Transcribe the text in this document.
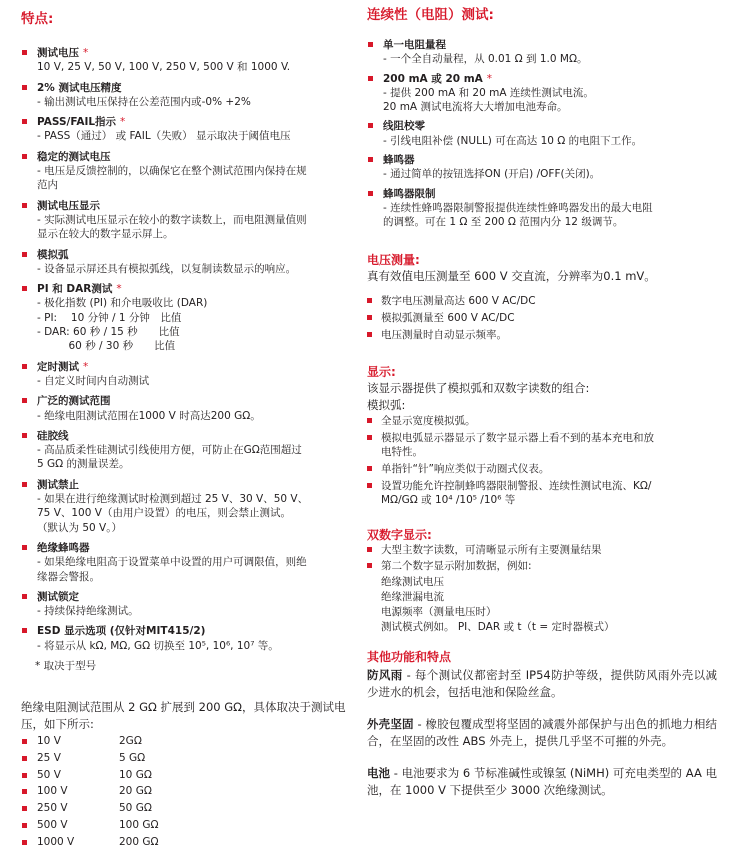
特点:
测试电压 *
10 V, 25 V, 50 V, 100 V, 250 V, 500 V 和 1000 V.
2% 测试电压精度
- 输出测试电压保持在公差范围内或-0% +2%
PASS/FAIL指示 *
- PASS（通过） 或 FAIL（失败） 显示取决于阈值电压
稳定的测试电压
- 电压是反馈控制的，以确保它在整个测试范围内保持在规
范内
测试电压显示
- 实际测试电压显示在较小的数字读数上，而电阻测量值则
显示在较大的数字显示屏上。
模拟弧
- 设备显示屏还具有模拟弧线，以复制读数显示的响应。
PI 和 DAR测试 *
- 极化指数 (PI) 和介电吸收比 (DAR)
- PI:　 10 分钟 / 1 分钟　比值
- DAR: 60 秒 / 15 秒　　比值
　　　60 秒 / 30 秒　　比值
定时测试 *
- 自定义时间内自动测试
广泛的测试范围
- 绝缘电阻测试范围在1000 V 时高达200 GΩ。
硅胶线
- 高品质柔性硅测试引线使用方便，可防止在GΩ范围超过
5 GΩ 的测量误差。
测试禁止
- 如果在进行绝缘测试时检测到超过 25 V、30 V、50 V、
75 V、100 V（由用户设置）的电压，则会禁止测试。
（默认为 50 V。）
绝缘蜂鸣器
- 如果绝缘电阻高于设置菜单中设置的用户可调限值，则绝
缘器会警报。
测试锁定
- 持续保持绝缘测试。
ESD 显示选项 (仅针对MIT415/2)
- 将显示从 kΩ, MΩ, GΩ 切换至 10⁵, 10⁶, 10⁷ 等。
* 取决于型号
绝缘电阻测试范围从 2 GΩ 扩展到 200 GΩ，具体取决于测试电压，如下所示:
10 V	2GΩ
25 V	5 GΩ
50 V	10 GΩ
100 V	20 GΩ
250 V	50 GΩ
500 V	100 GΩ
1000 V	200 GΩ
连续性（电阻）测试:
单一电阻量程
- 一个全自动量程，从 0.01 Ω 到 1.0 MΩ。
200 mA 或 20 mA *
- 提供 200 mA 和 20 mA 连续性测试电流。
20 mA 测试电流将大大增加电池寿命。
线阻校零
- 引线电阻补偿 (NULL) 可在高达 10 Ω 的电阻下工作。
蜂鸣器
- 通过简单的按钮选择ON (开启) /OFF(关闭)。
蜂鸣器限制
- 连续性蜂鸣器限制警报提供连续性蜂鸣器发出的最大电阻
的调整。可在 1 Ω 至 200 Ω 范围内分 12 级调节。
电压测量:
真有效值电压测量至 600 V 交直流，分辨率为0.1 mV。
数字电压测量高达 600 V AC/DC
模拟弧测量至 600 V AC/DC
电压测量时自动显示频率。
显示:
该显示器提供了模拟弧和双数字读数的组合:
模拟弧:
全显示宽度模拟弧。
模拟电弧显示器显示了数字显示器上看不到的基本充电和放
电特性。
单指针“针”响应类似于动圈式仪表。
设置功能允许控制蜂鸣器限制警报、连续性测试电流、KΩ/
MΩ/GΩ 或 10⁴ /10⁵ /10⁶ 等
双数字显示:
大型主数字读数，可清晰显示所有主要测量结果
第二个数字显示附加数据，例如:
绝缘测试电压
绝缘泄漏电流
电源频率（测量电压时）
测试模式例如。 PI、DAR 或 t（t = 定时器模式）
其他功能和特点
防风雨 - 每个测试仪都密封至 IP54防护等级，提供防风雨外壳以减少进水的机会，包括电池和保险丝盒。
外壳坚固 - 橡胶包覆成型将坚固的减震外部保护与出色的抓地力相结合，在坚固的改性 ABS 外壳上，提供几乎坚不可摧的外壳。
电池 - 电池要求为 6 节标准碱性或镍氢 (NiMH) 可充电类型的 AA 电池，在 1000 V 下提供至少 3000 次绝缘测试。
